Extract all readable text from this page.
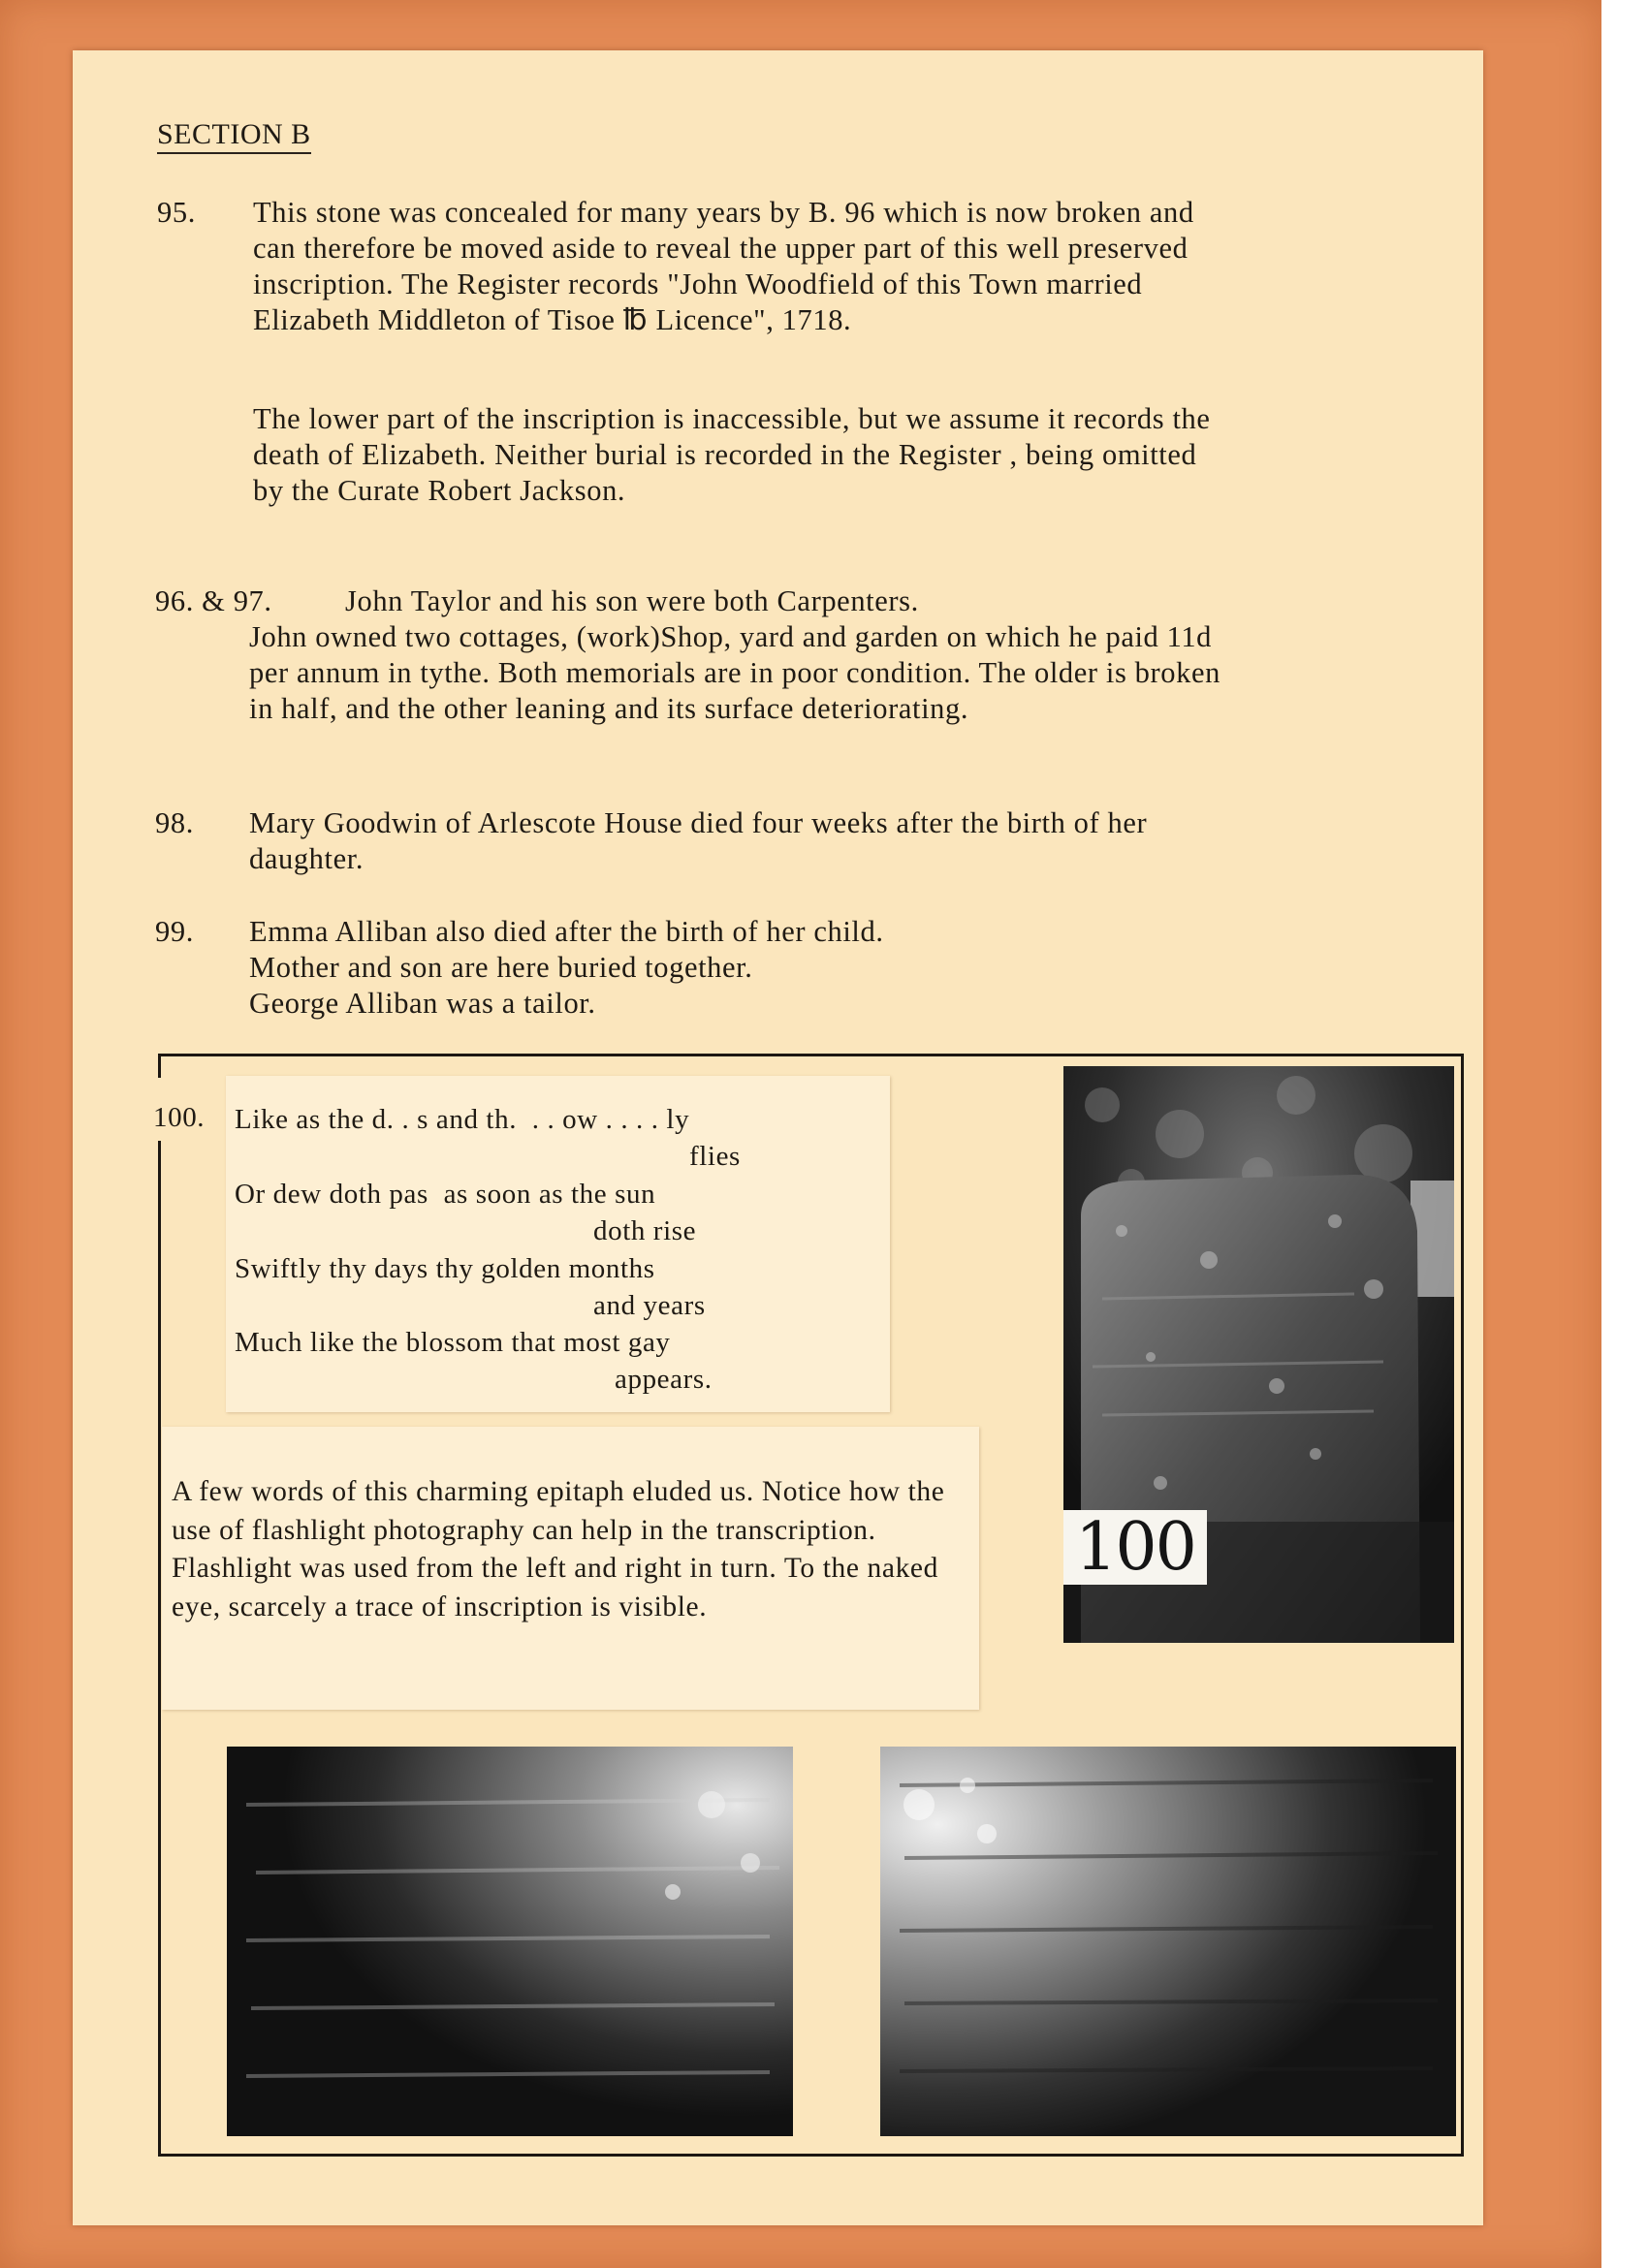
SECTION B
95. This stone was concealed for many years by B. 96 which is now broken and can therefore be moved aside to reveal the upper part of this well preserved inscription. The Register records "John Woodfield of this Town married Elizabeth Middleton of Tisoe ℔ Licence", 1718.

The lower part of the inscription is inaccessible, but we assume it records the death of Elizabeth. Neither burial is recorded in the Register , being omitted by the Curate Robert Jackson.

96. & 97. John Taylor and his son were both Carpenters.

John owned two cottages, (work)Shop, yard and garden on which he paid 11d per annum in tythe. Both memorials are in poor condition. The older is broken in half, and the other leaning and its surface deteriorating.

98. Mary Goodwin of Arlescote House died four weeks after the birth of her daughter.

99. Emma Alliban also died after the birth of her child.

Mother and son are here buried together.

George Alliban was a tailor.

100. Like as the d. . s and th.  . . ow . . . . ly
flies
Or dew doth pas  as soon as the sun
doth rise
Swiftly thy days thy golden months
and years
Much like the blossom that most gay
appears.
A few words of this charming epitaph eluded us. Notice how the use of flashlight photography can help in the transcription. Flashlight was used from the left and right in turn. To the naked eye, scarcely a trace of inscription is visible.
100
